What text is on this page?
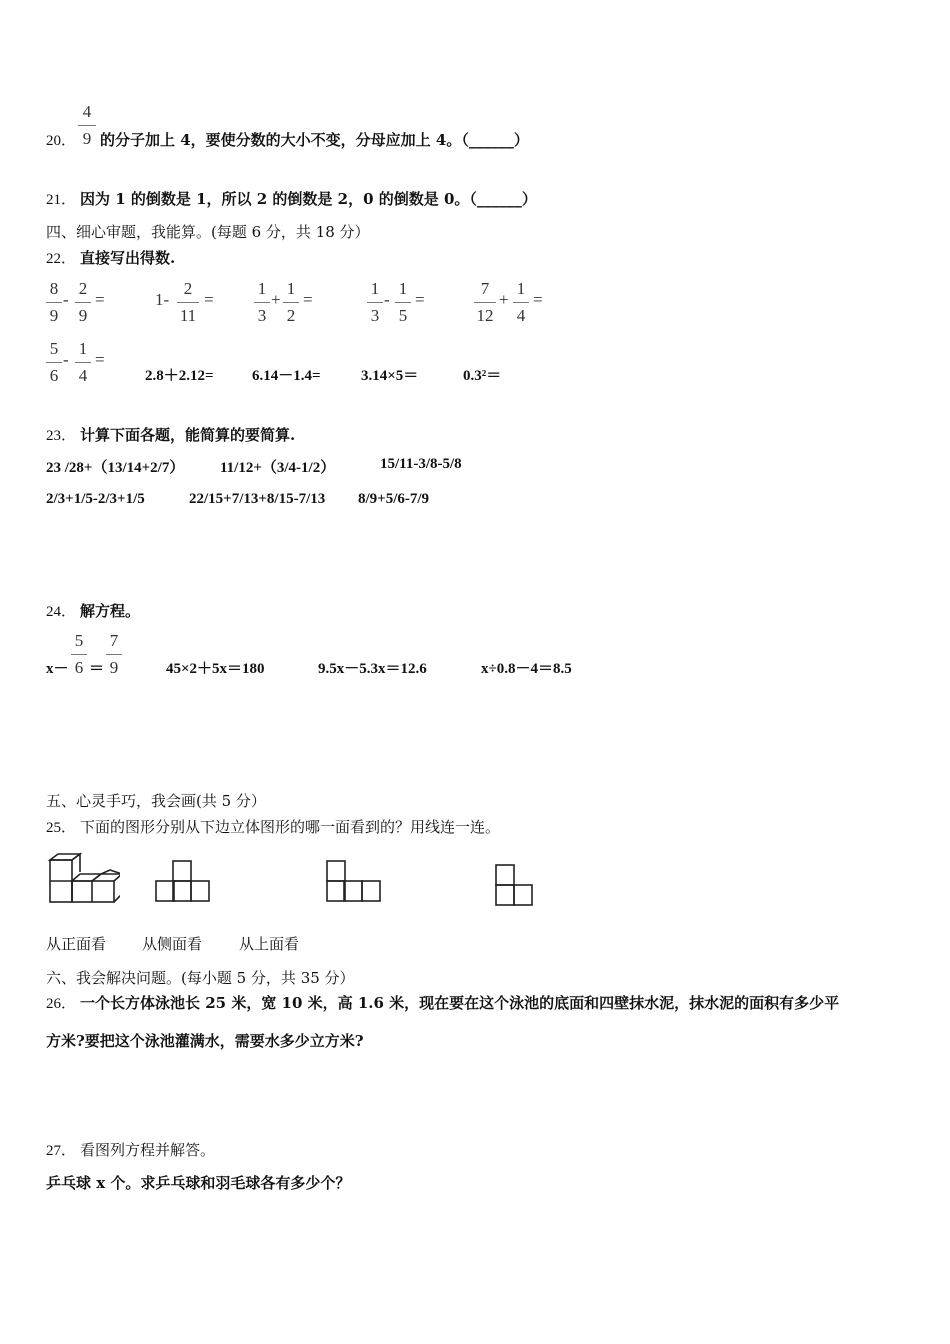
20．
4
9 的分子加上 4，要使分数的大小不变，分母应加上 4。（______）
21． 因为 1 的倒数是 1，所以 2 的倒数是 2，0 的倒数是 0。（______）
四、细心审题，我能算。(每题 6 分，共 18 分）
22． 直接写出得数.
8
9
-
2
9
=	1-
2
11
=
1
3
+
1
2
=
1
3
-
1
5
=
7
12
+
1
4
=
5
6
-
1
4
=
2.8＋2.12=	6.14－1.4=	3.14×5＝	0.3²＝
23． 计算下面各题，能简算的要简算.
23 /28+（13/14+2/7） 11/12+（3/4-1/2）	15/11-3/8-5/8
2/3+1/5-2/3+1/5	22/15+7/13+8/15-7/13 8/9+5/6-7/9
24． 解方程。
x－
5
6 ＝
7
9	45×2＋5x＝180	9.5x－5.3x＝12.6	x÷0.8－4＝8.5
五、心灵手巧，我会画(共 5 分）
25． 下面的图形分别从下边立体图形的哪一面看到的？用线连一连。
从正面看 从侧面看 从上面看
六、我会解决问题。(每小题 5 分，共 35 分）
26． 一个长方体泳池长 25 米，宽 10 米，高 1.6 米，现在要在这个泳池的底面和四壁抹水泥，抹水泥的面积有多少平
方米?要把这个泳池灌满水，需要水多少立方米?
27． 看图列方程并解答。
乒乓球 x 个。求乒乓球和羽毛球各有多少个？
